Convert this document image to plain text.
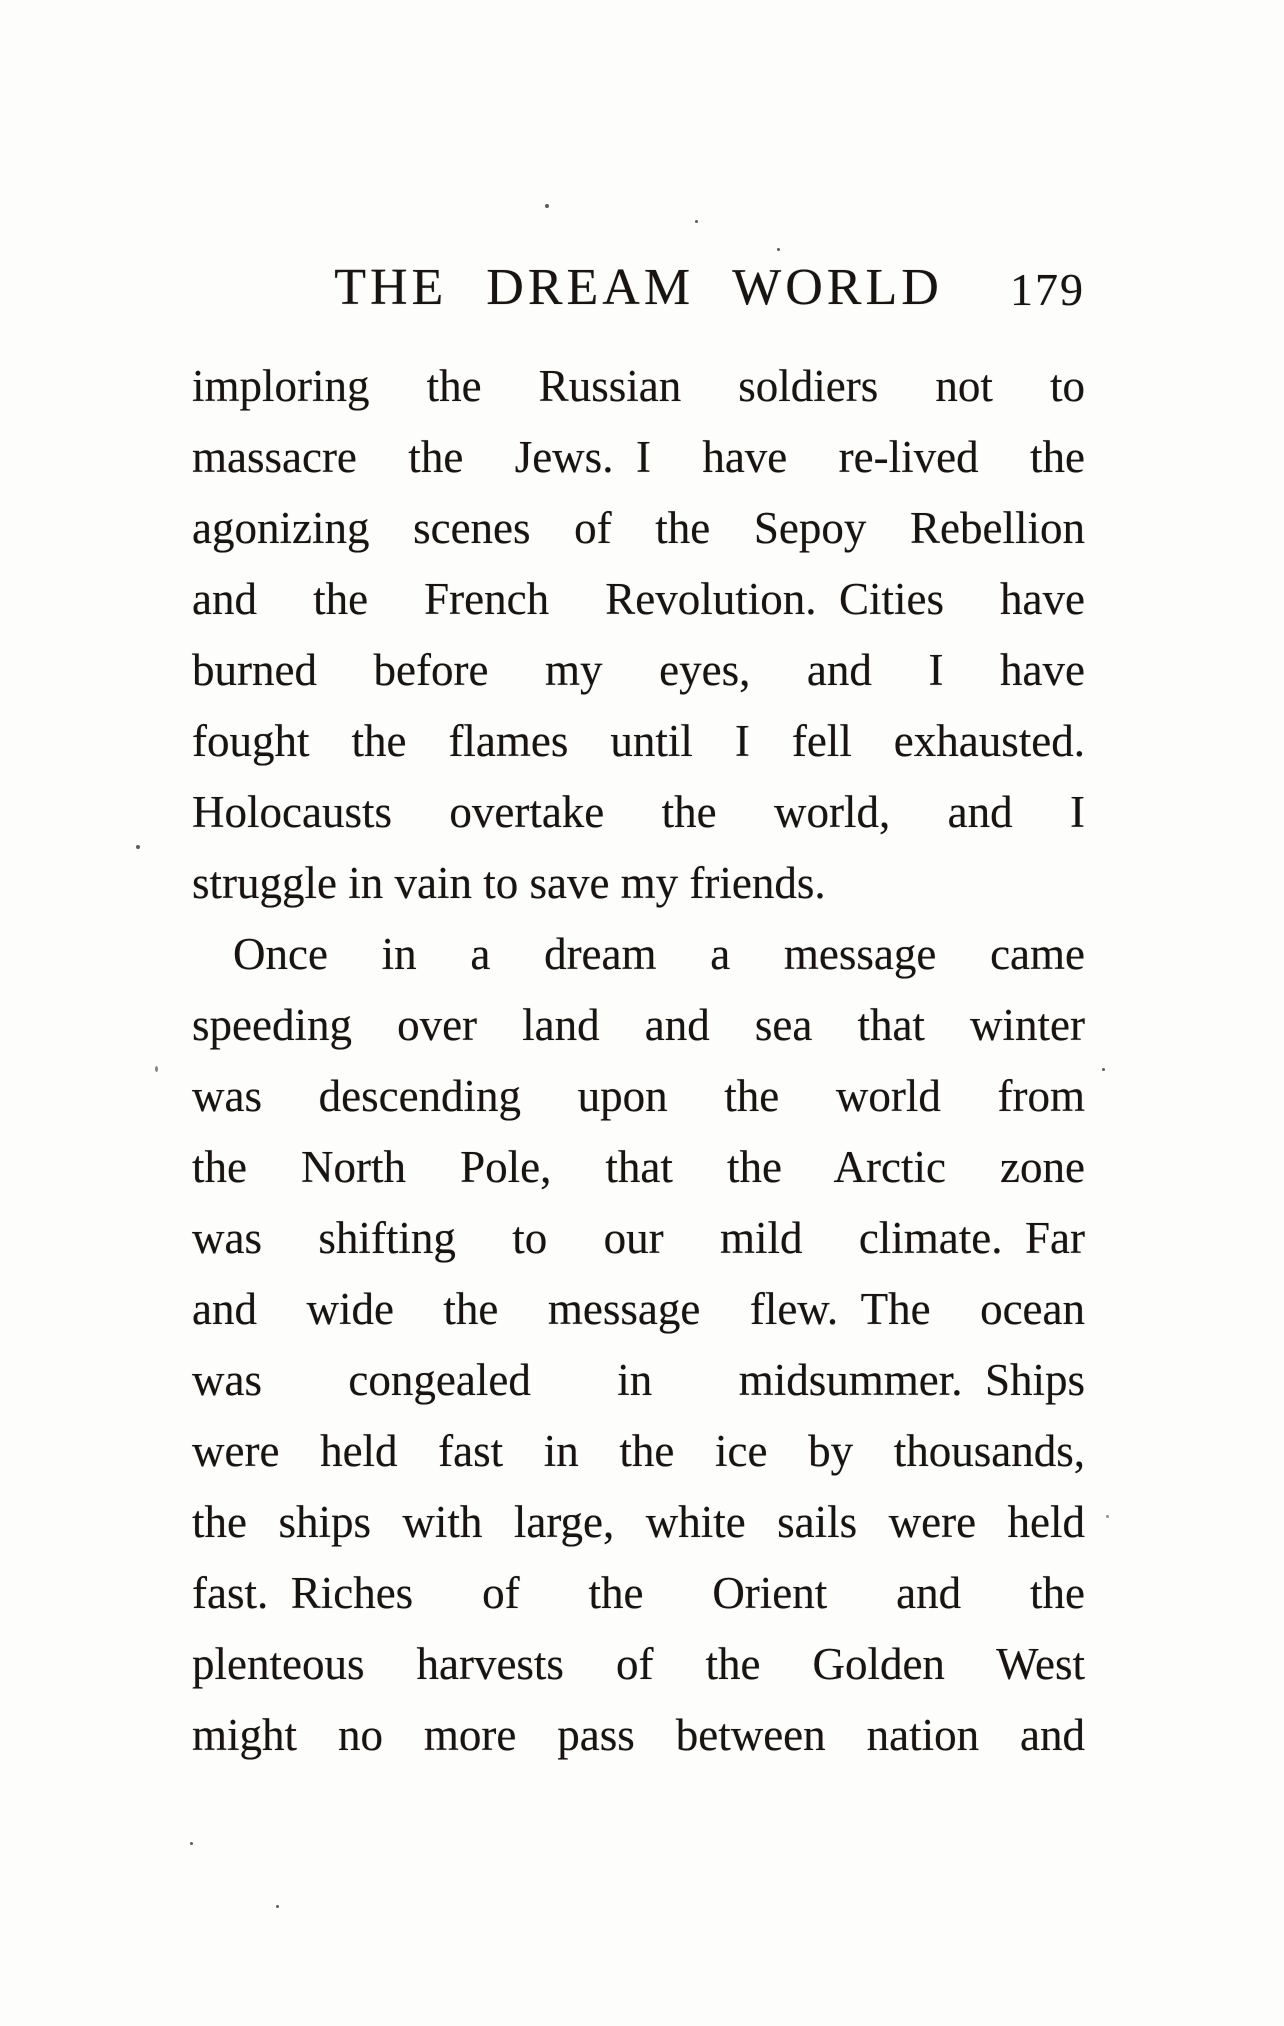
THE DREAM WORLD	179

imploring the Russian soldiers not to

massacre the Jews. I have re-lived the

agonizing scenes of the Sepoy Rebellion

and the French Revolution. Cities have

burned before my eyes, and I have

fought the flames until I fell exhausted.

Holocausts overtake the world, and I

struggle in vain to save my friends.

Once in a dream a message came

speeding over land and sea that winter

was descending upon the world from

the North Pole, that the Arctic zone

was shifting to our mild climate. Far

and wide the message flew. The ocean

was congealed in midsummer. Ships

were held fast in the ice by thousands,

the ships with large, white sails were held

fast. Riches of the Orient and the

plenteous harvests of the Golden West

might no more pass between nation and
